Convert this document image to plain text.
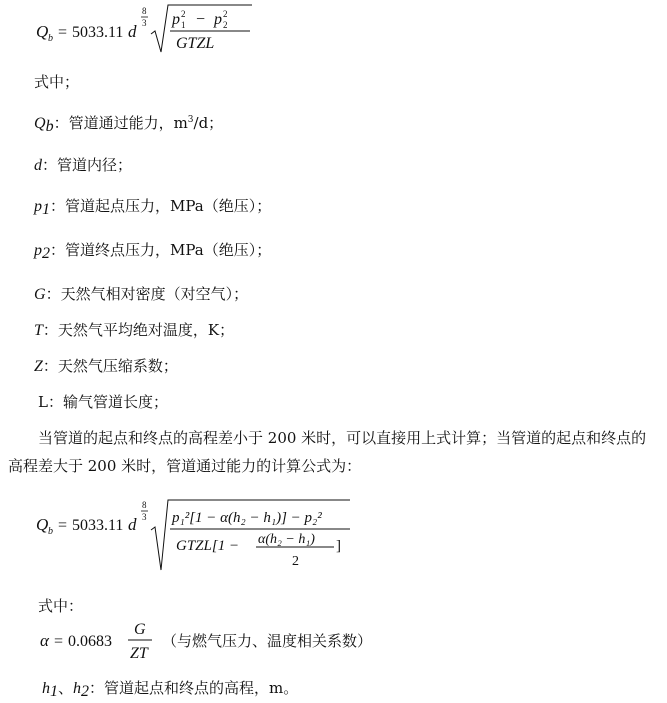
Q b = 5033.11 d
8
3 p 2
1 − p 2
2
GTZL
式中；
$Q_b$：管道通过能力，$m^3/d$；
d：管道内径；
$p_1$：管道起点压力，MPa（绝压）；
$p_2$：管道终点压力，MPa（绝压）；
G：天然气相对密度（对空气）；
T：天然气平均绝对温度，K；
Z：天然气压缩系数；
L：输气管道长度；
当管道的起点和终点的高程差小于 200 米时，可以直接用上式计算；当管道的起点和终点的高程差大于 200 米时，管道通过能力的计算公式为：
Q b = 5033.11 d
8
3 p₁²[1 − α(h₂ − h₁)] − p₂²
GTZL[1 − α(h₂ − h₁)
2
]
式中：
α = 0.0683
G
ZT
（与燃气压力、温度相关系数）
$h_1$、$h_2$：管道起点和终点的高程，m。
